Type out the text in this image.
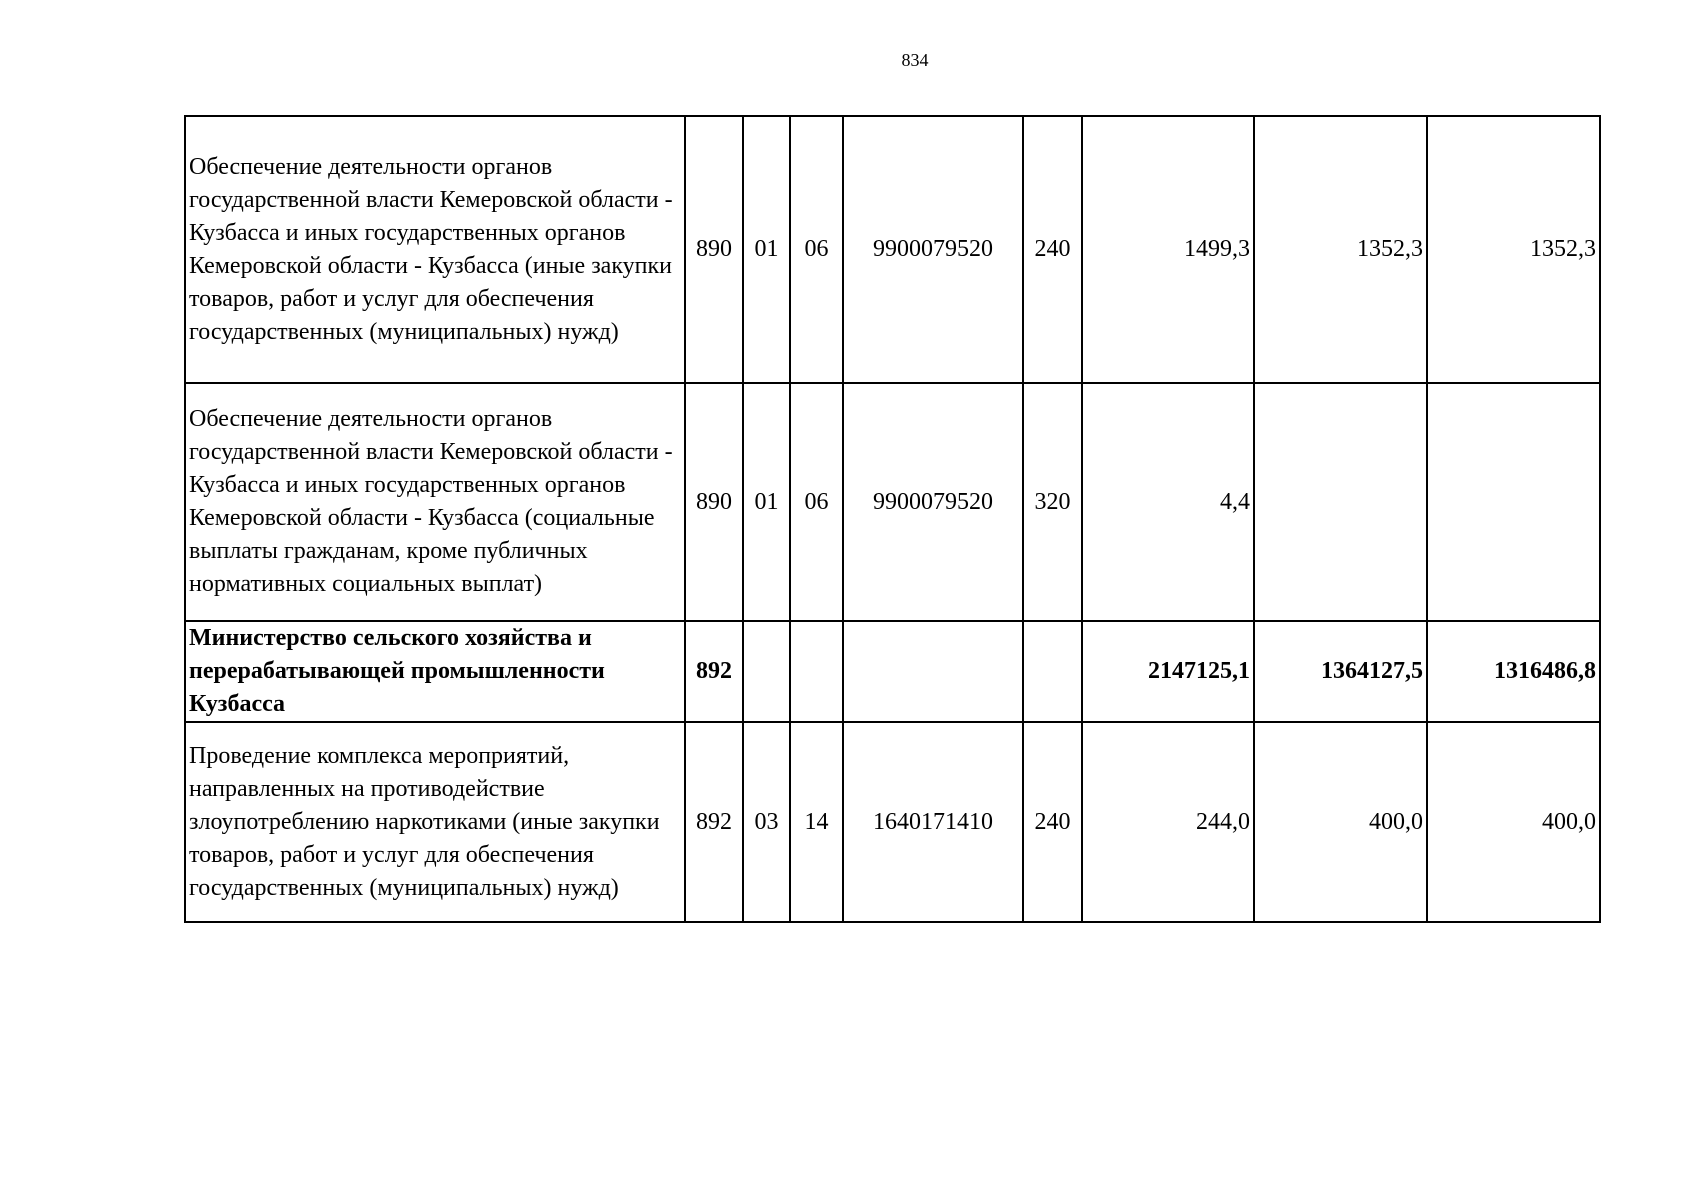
834
Обеспечение деятельности органов государственной власти Кемеровской области - Кузбасса и иных государственных органов Кемеровской области - Кузбасса (иные закупки товаров, работ и услуг для обеспечения государственных (муниципальных) нужд)	890	01	06	9900079520	240	1499,3	1352,3	1352,3
Обеспечение деятельности органов государственной власти Кемеровской области - Кузбасса и иных государственных органов Кемеровской области - Кузбасса (социальные выплаты гражданам, кроме публичных нормативных социальных выплат)	890	01	06	9900079520	320	4,4		
Министерство сельского хозяйства и перерабатывающей промышленности Кузбасса	892					2147125,1	1364127,5	1316486,8
Проведение комплекса мероприятий, направленных на противодействие злоупотреблению наркотиками (иные закупки товаров, работ и услуг для обеспечения государственных (муниципальных) нужд)	892	03	14	1640171410	240	244,0	400,0	400,0
